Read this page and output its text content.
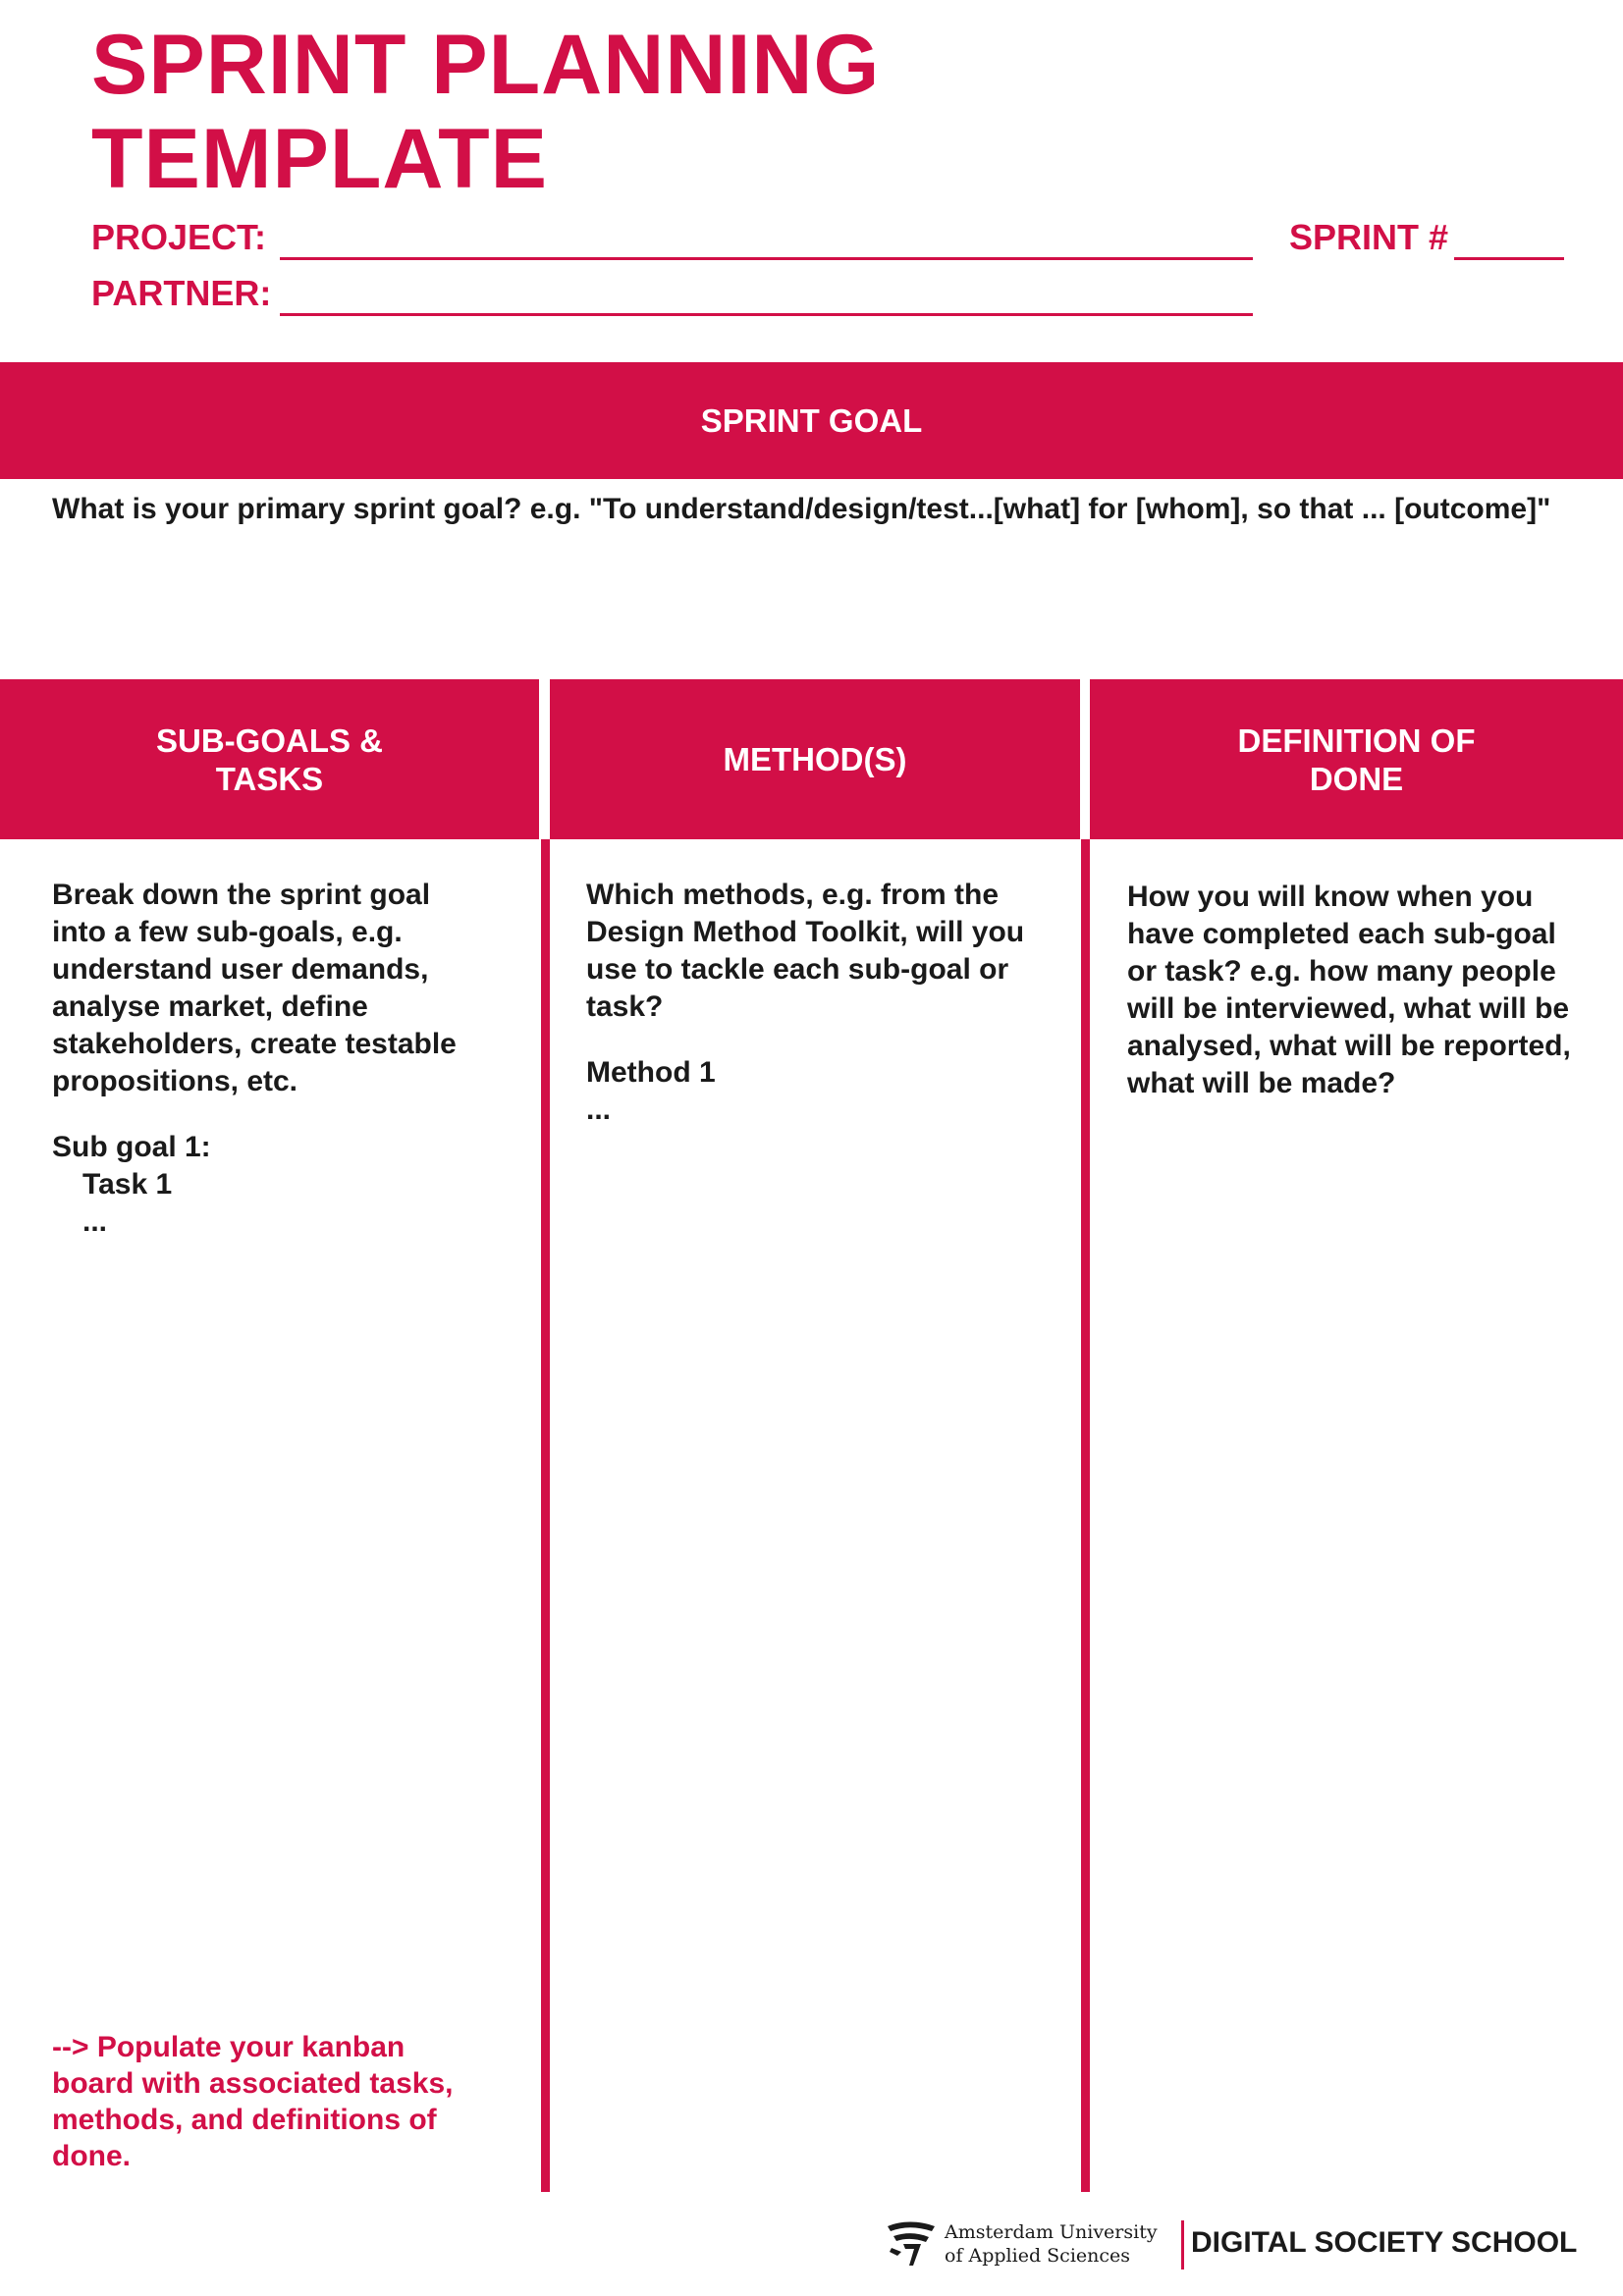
SPRINT PLANNING
TEMPLATE
PROJECT:
PARTNER:
SPRINT #
SPRINT GOAL
What is your primary sprint goal? e.g. "To understand/design/test...[what] for [whom], so that ... [outcome]"
SUB-GOALS &
TASKS
METHOD(S)
DEFINITION OF
DONE

Break down the sprint goal

into a few sub-goals, e.g.

understand user demands,

analyse market, define

stakeholders, create testable

propositions, etc.

Sub goal 1:

Task 1

...

Which methods, e.g. from the

Design Method Toolkit, will you

use to tackle each sub-goal or

task?

Method 1

...

How you will know when you

have completed each sub-goal

or task? e.g. how many people

will be interviewed, what will be

analysed, what will be reported,

what will be made?

--> Populate your kanban
board with associated tasks,
methods, and definitions of
done.
Amsterdam University
of Applied Sciences	DIGITAL SOCIETY SCHOOL
